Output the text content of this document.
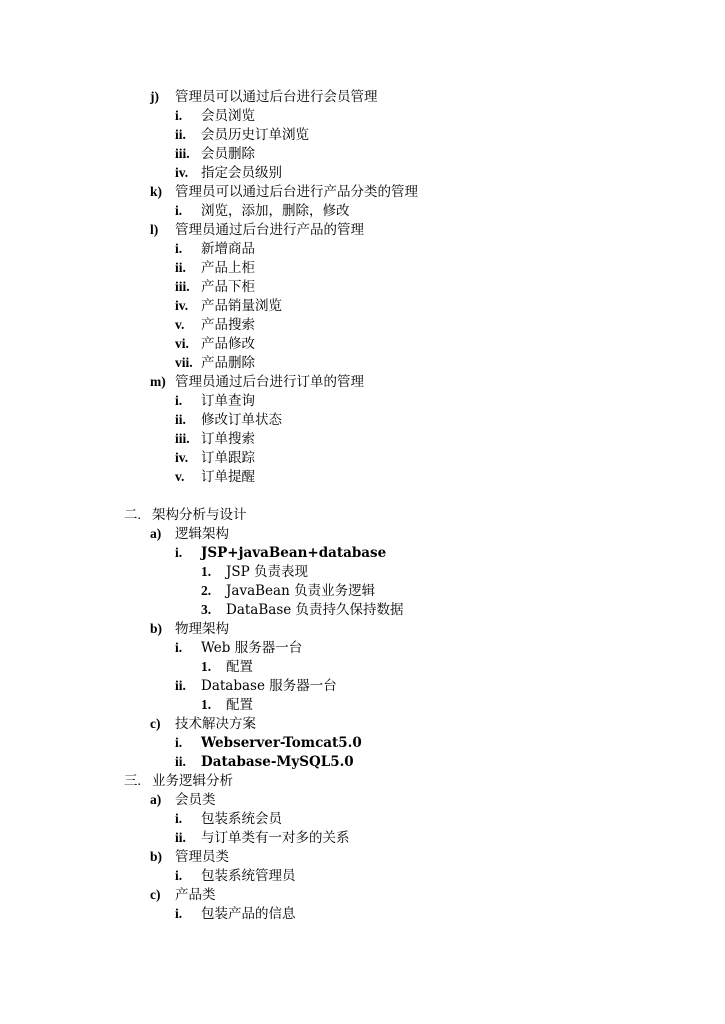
j) 管理员可以通过后台进行会员管理
i. 会员浏览
ii. 会员历史订单浏览
iii. 会员删除
iv. 指定会员级别
k) 管理员可以通过后台进行产品分类的管理
i. 浏览，添加，删除，修改
l) 管理员通过后台进行产品的管理
i. 新增商品
ii. 产品上柜
iii. 产品下柜
iv. 产品销量浏览
v. 产品搜索
vi. 产品修改
vii. 产品删除
m) 管理员通过后台进行订单的管理
i. 订单查询
ii. 修改订单状态
iii. 订单搜索
iv. 订单跟踪
v. 订单提醒
二. 架构分析与设计
a) 逻辑架构
i. JSP+javaBean+database
1. JSP 负责表现
2. JavaBean 负责业务逻辑
3. DataBase 负责持久保持数据
b) 物理架构
i. Web 服务器一台
1. 配置
ii. Database 服务器一台
1. 配置
c) 技术解决方案
i. Webserver-Tomcat5.0
ii. Database-MySQL5.0
三. 业务逻辑分析
a) 会员类
i. 包装系统会员
ii. 与订单类有一对多的关系
b) 管理员类
i. 包装系统管理员
c) 产品类
i. 包装产品的信息
